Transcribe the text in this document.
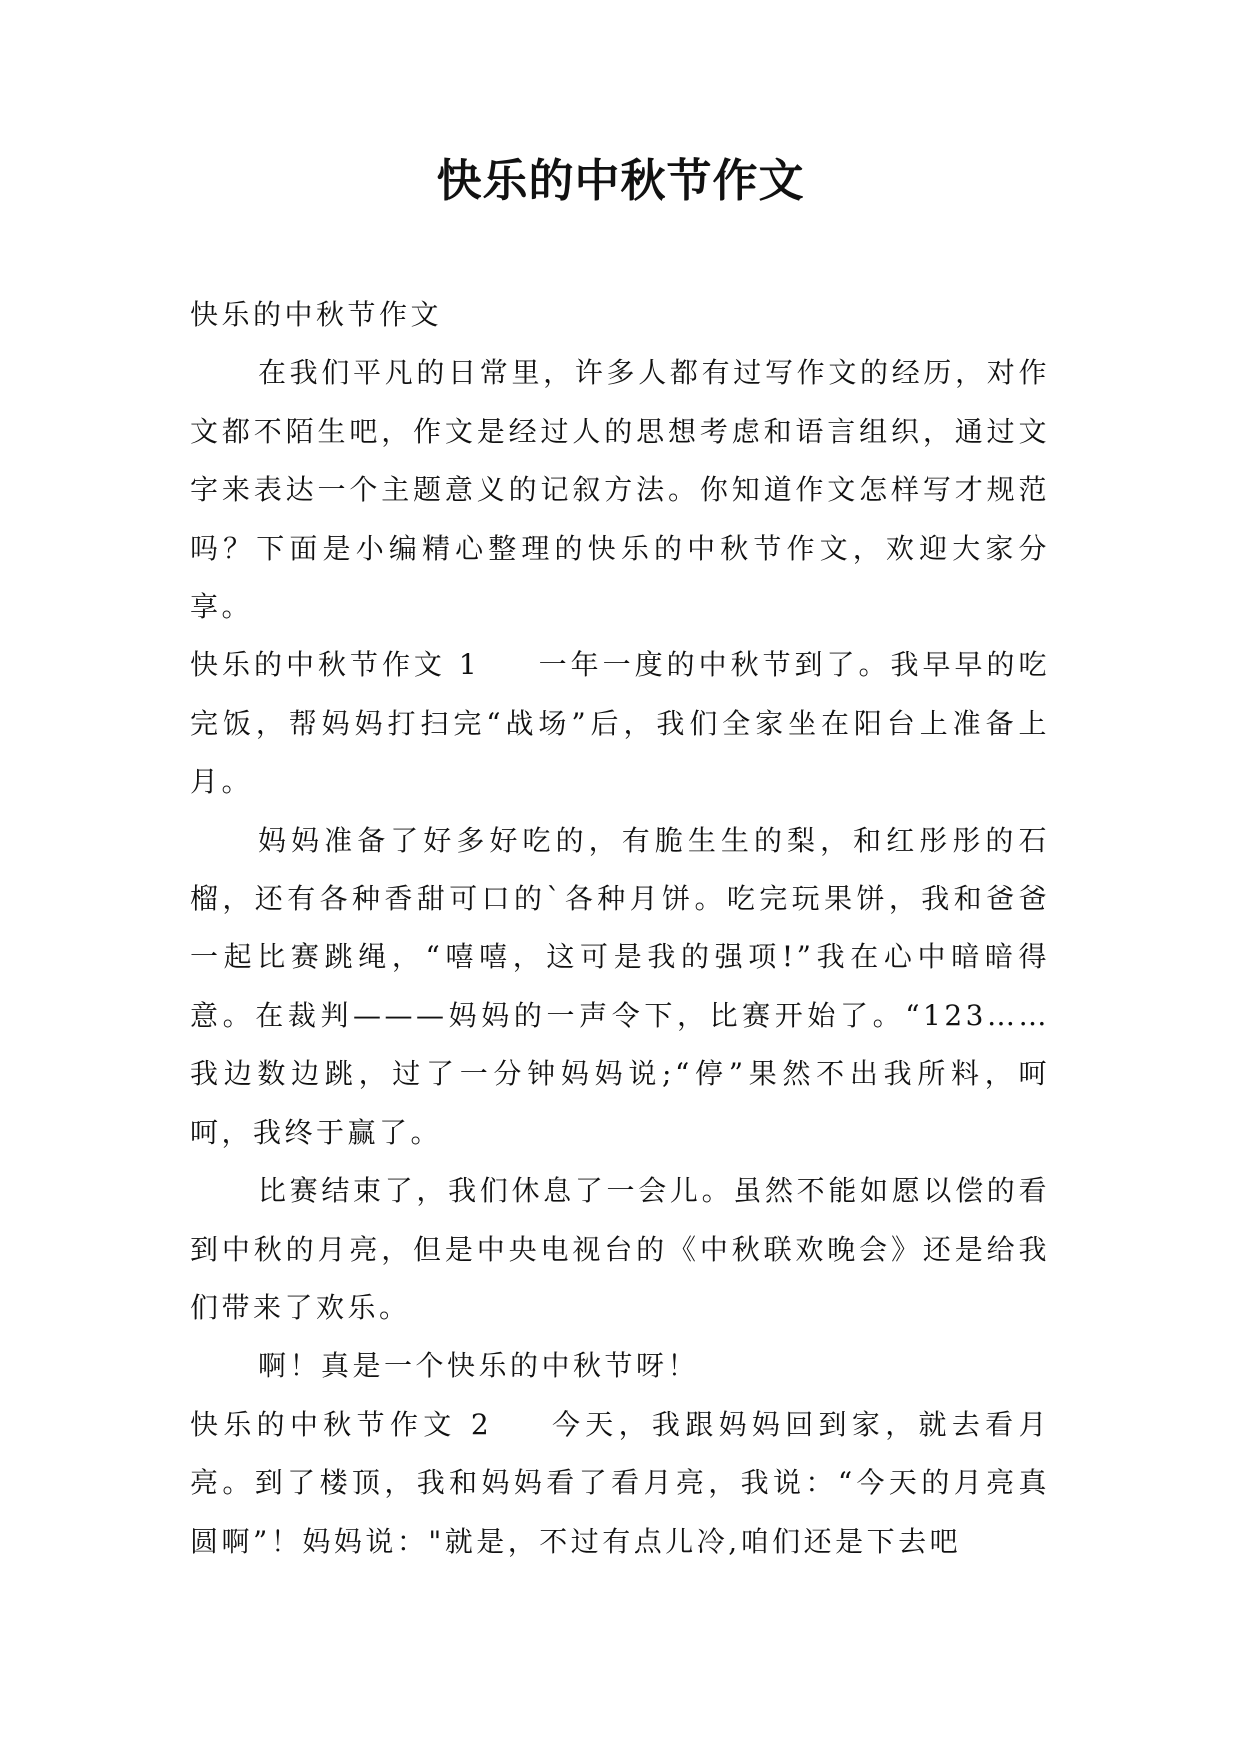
快乐的中秋节作文

快乐的中秋节作文

在我们平凡的日常里，许多人都有过写作文的经历，对作文都不陌生吧，作文是经过人的思想考虑和语言组织，通过文字来表达一个主题意义的记叙方法。你知道作文怎样写才规范吗？下面是小编精心整理的快乐的中秋节作文，欢迎大家分享。

快乐的中秋节作文 1 一年一度的中秋节到了。我早早的吃完饭，帮妈妈打扫完“战场”后，我们全家坐在阳台上准备上月。

妈妈准备了好多好吃的，有脆生生的梨，和红彤彤的石榴，还有各种香甜可口的`各种月饼。吃完玩果饼，我和爸爸一起比赛跳绳，“嘻嘻，这可是我的强项!”我在心中暗暗得意。在裁判———妈妈的一声令下，比赛开始了。“123……我边数边跳，过了一分钟妈妈说;“停”果然不出我所料，呵呵，我终于赢了。

比赛结束了，我们休息了一会儿。虽然不能如愿以偿的看到中秋的月亮，但是中央电视台的《中秋联欢晚会》还是给我们带来了欢乐。

啊！真是一个快乐的中秋节呀！

快乐的中秋节作文 2 今天，我跟妈妈回到家，就去看月亮。到了楼顶，我和妈妈看了看月亮，我说：“今天的月亮真圆啊”！妈妈说："就是，不过有点儿冷,咱们还是下去吧
